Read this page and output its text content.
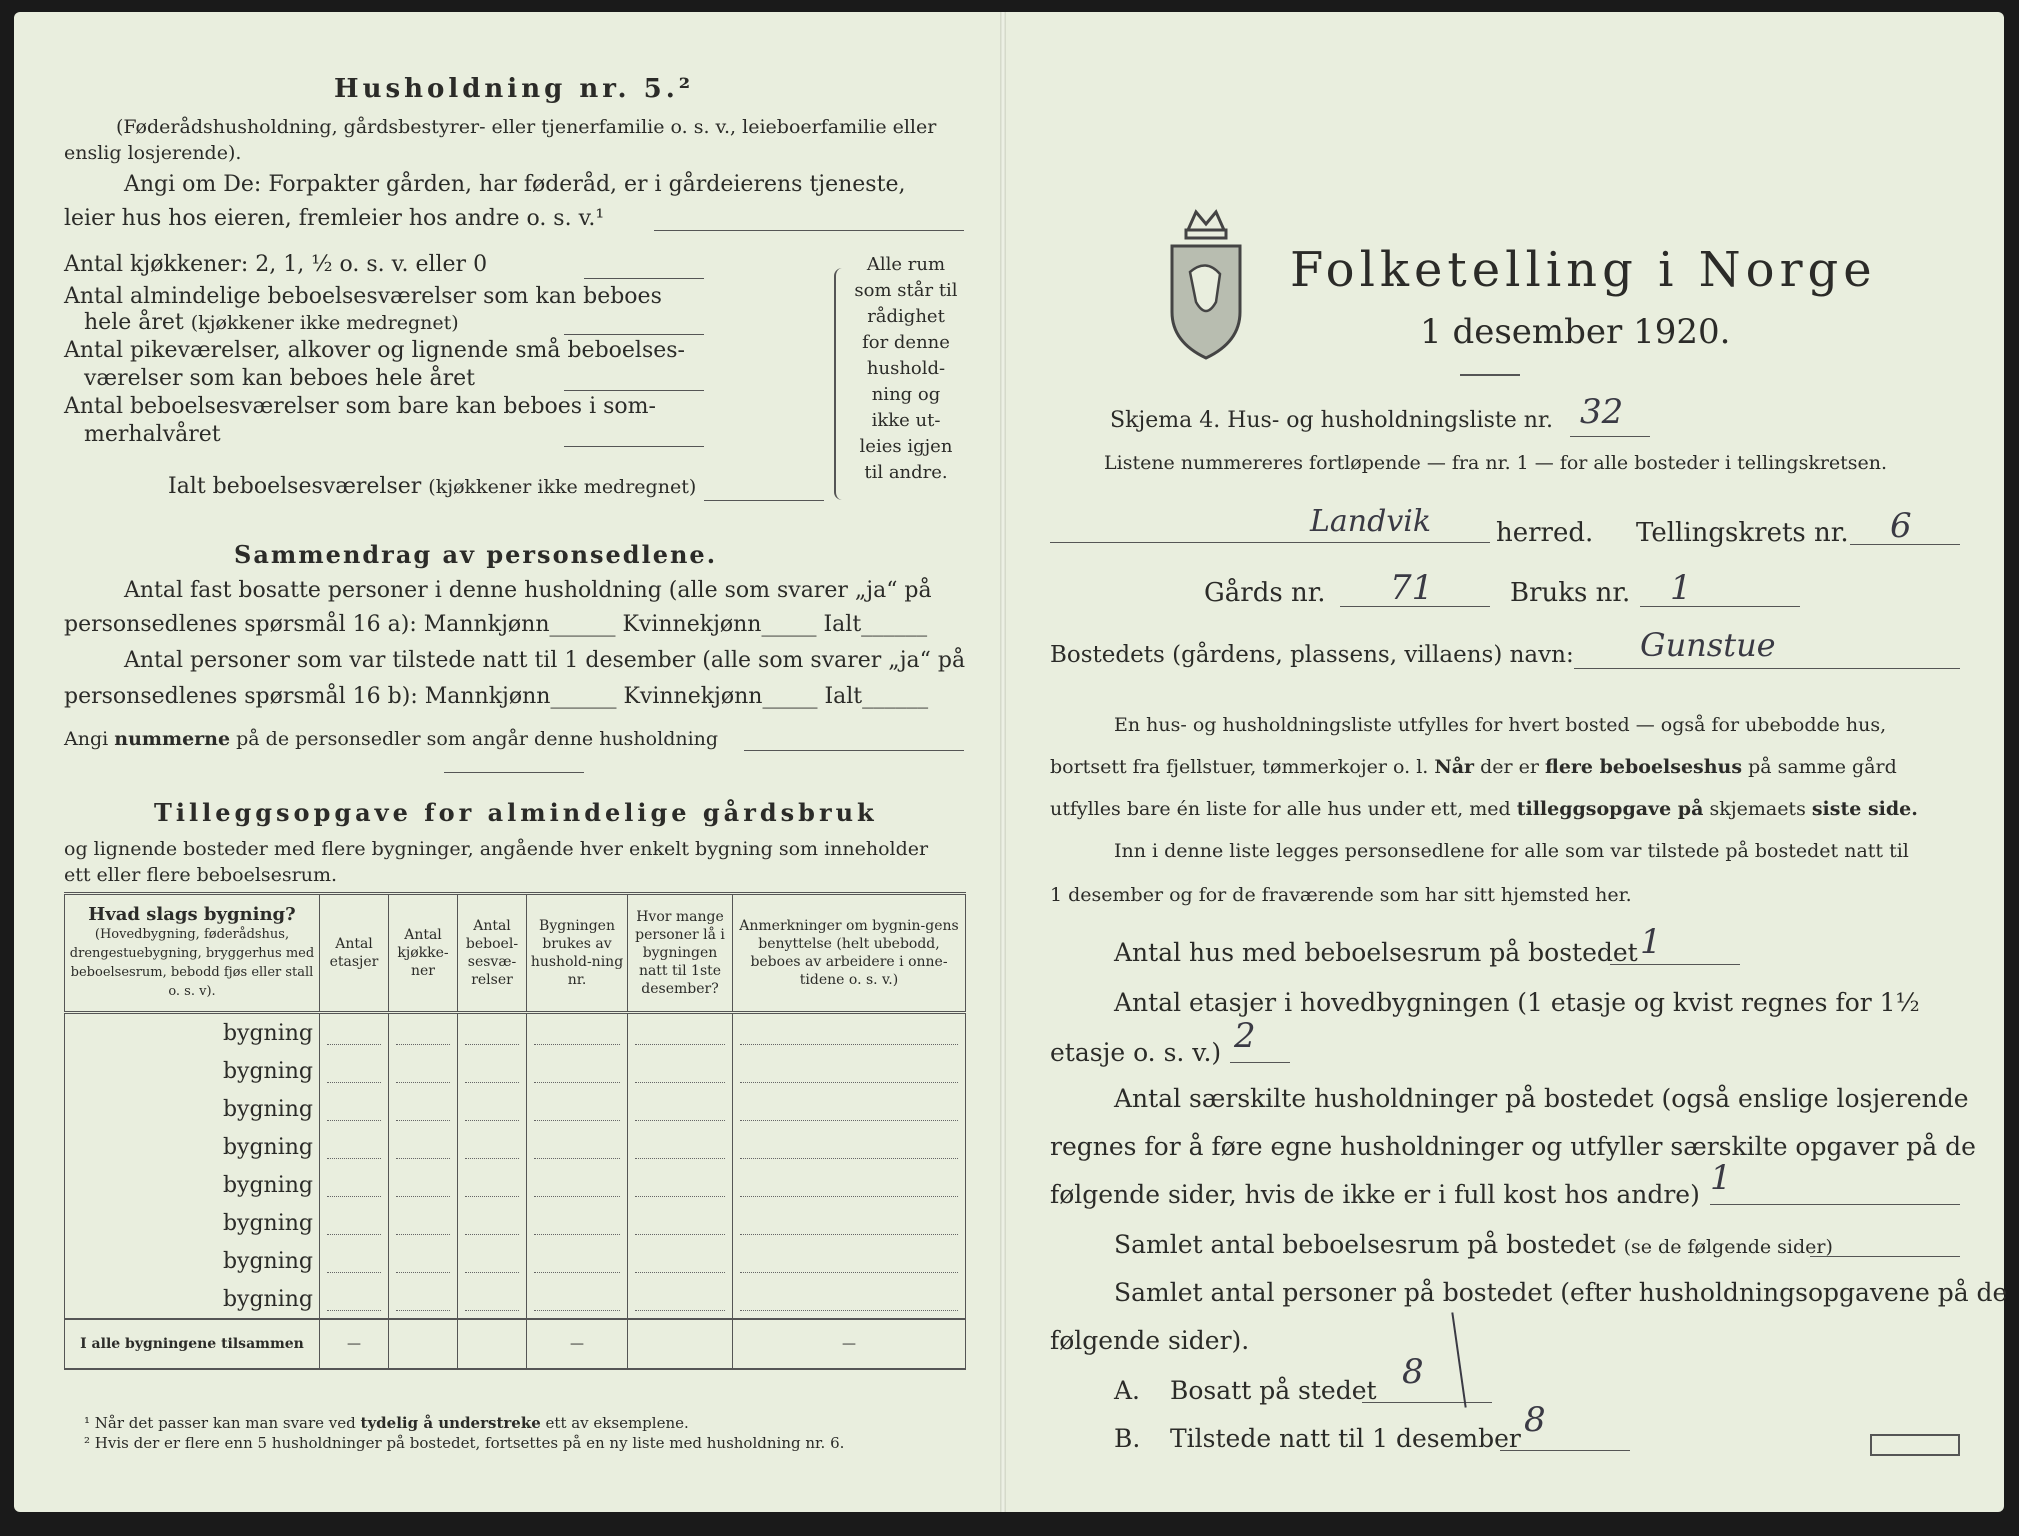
Husholdning nr. 5.²
(Føderådshusholdning, gårdsbestyrer- eller tjenerfamilie o. s. v., leieboerfamilie eller
enslig losjerende).
Angi om De: Forpakter gården, har føderåd, er i gårdeierens tjeneste,
leier hus hos eieren, fremleier hos andre o. s. v.¹
Antal kjøkkener: 2, 1, ½ o. s. v. eller 0
Antal almindelige beboelsesværelser som kan beboes
hele året (kjøkkener ikke medregnet)
Antal pikeværelser, alkover og lignende små beboelses-
værelser som kan beboes hele året
Antal beboelsesværelser som bare kan beboes i som-
merhalvåret
Ialt beboelsesværelser (kjøkkener ikke medregnet)
Alle rum
som står til
rådighet
for denne
hushold-
ning og
ikke ut-
leies igjen
til andre.
Sammendrag av personsedlene.
Antal fast bosatte personer i denne husholdning (alle som svarer „ja“ på
personsedlenes spørsmål 16 a): Mannkjønn______ Kvinnekjønn_____ Ialt______
Antal personer som var tilstede natt til 1 desember (alle som svarer „ja“ på
personsedlenes spørsmål 16 b): Mannkjønn______ Kvinnekjønn_____ Ialt______
Angi nummerne på de personsedler som angår denne husholdning
Tilleggsopgave for almindelige gårdsbruk
og lignende bosteder med flere bygninger, angående hver enkelt bygning som inneholder
ett eller flere beboelsesrum.
Hvad slags bygning?
(Hovedbygning, føderådshus, drengestuebygning, bryggerhus med beboelsesrum, bebodd fjøs eller stall o. s. v).	Antal etasjer	Antal kjøkke-ner	Antal beboel-sesvæ-relser	Bygningen brukes av hushold-ning nr.	Hvor mange personer lå i bygningen natt til 1ste desember?	Anmerkninger om bygnin-gens benyttelse (helt ubebodd, beboes av arbeidere i onne-tidene o. s. v.)
bygning	

bygning	

bygning	

bygning	

bygning	

bygning	

bygning	

bygning	

I alle bygningene tilsammen	—			—		—
¹ Når det passer kan man svare ved tydelig å understreke ett av eksemplene.
² Hvis der er flere enn 5 husholdninger på bostedet, fortsettes på en ny liste med husholdning nr. 6.
Folketelling i Norge
1 desember 1920.
Skjema 4. Hus- og husholdningsliste nr. 32
Listene nummereres fortløpende — fra nr. 1 — for alle bosteder i tellingskretsen.
Landvik herred. Tellingskrets nr. 6
Gårds nr. 71	Bruks nr. 1
Bostedets (gårdens, plassens, villaens) navn: Gunstue
En hus- og husholdningsliste utfylles for hvert bosted — også for ubebodde hus,
bortsett fra fjellstuer, tømmerkojer o. l. Når der er flere beboelseshus på samme gård
utfylles bare én liste for alle hus under ett, med tilleggsopgave på skjemaets siste side.
Inn i denne liste legges personsedlene for alle som var tilstede på bostedet natt til
1 desember og for de fraværende som har sitt hjemsted her.
Antal hus med beboelsesrum på bostedet 1
Antal etasjer i hovedbygningen (1 etasje og kvist regnes for 1½
etasje o. s. v.) 2
Antal særskilte husholdninger på bostedet (også enslige losjerende
regnes for å føre egne husholdninger og utfyller særskilte opgaver på de
følgende sider, hvis de ikke er i full kost hos andre) 1
Samlet antal beboelsesrum på bostedet (se de følgende sider)
Samlet antal personer på bostedet (efter husholdningsopgavene på de
følgende sider).
A. Bosatt på stedet 8
B. Tilstede natt til 1 desember 8
